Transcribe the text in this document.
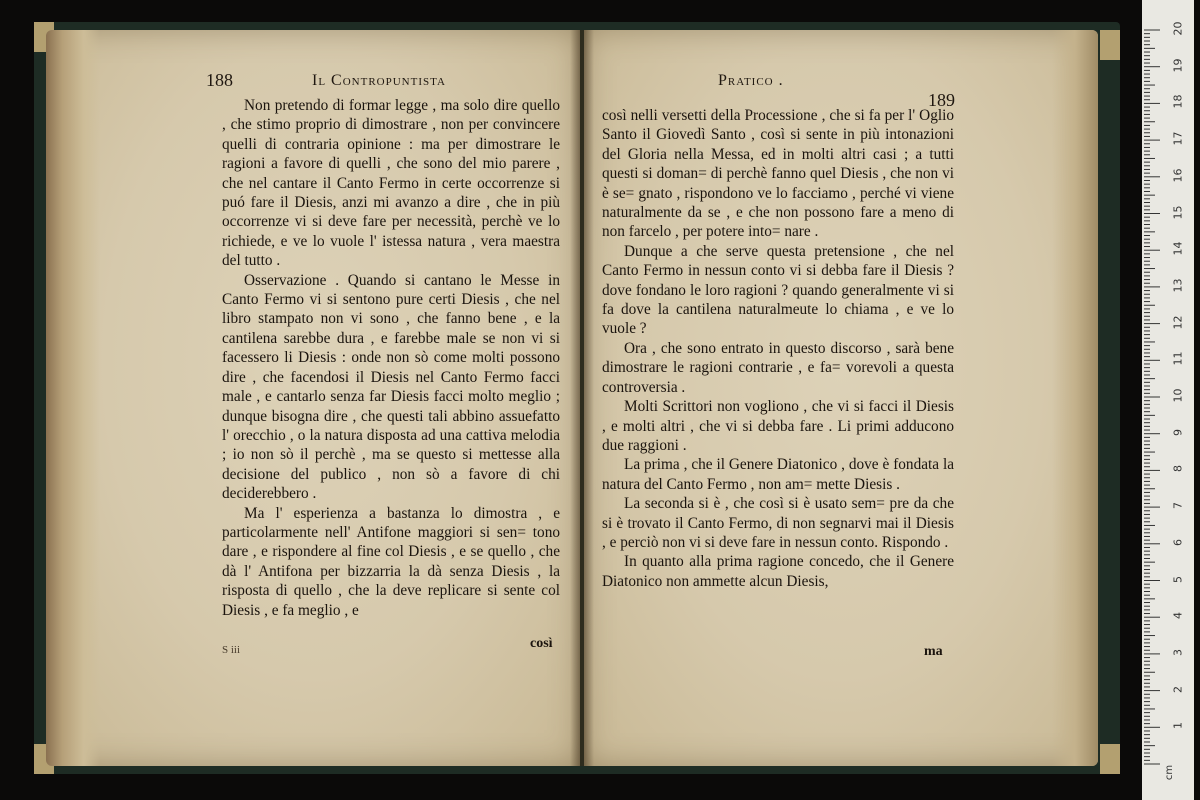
188	Il Contropuntista

Non pretendo di formar legge , ma solo dire quello , che stimo proprio di dimostrare , non per convincere quelli di contraria opinione : ma per dimostrare le ragioni a favore di quelli , che sono del mio parere , che nel cantare il Canto Fermo in certe occorrenze si puó fare il Diesis, anzi mi avanzo a dire , che in più occorrenze vi si deve fare per necessità, perchè ve lo richiede, e ve lo vuole l' istessa natura , vera maestra del tutto .

Osservazione . Quando si cantano le Messe in Canto Fermo vi si sentono pure certi Diesis , che nel libro stampato non vi sono , che fanno bene , e la cantilena sarebbe dura , e farebbe male se non vi si facessero li Diesis : onde non sò come molti possono dire , che facendosi il Diesis nel Canto Fermo facci male , e cantarlo senza far Diesis facci molto meglio ; dunque bisogna dire , che questi tali abbino assuefatto l' orecchio , o la natura disposta ad una cattiva melodia ; io non sò il perchè , ma se questo si mettesse alla decisione del publico , non sò a favore di chi deciderebbero .

Ma l' esperienza a bastanza lo dimostra , e particolarmente nell' Antifone maggiori si sen= tono dare , e rispondere al fine col Diesis , e se quello , che dà l' Antifona per bizzarria la dà senza Diesis , la risposta di quello , che la deve replicare si sente col Diesis , e fa meglio , e

così
S iii
Pratico .
189

così nelli versetti della Processione , che si fa per l' Oglio Santo il Giovedì Santo , così si sente in più intonazioni del Gloria nella Messa, ed in molti altri casi ; a tutti questi si doman= di perchè fanno quel Diesis , che non vi è se= gnato , rispondono ve lo facciamo , perché vi viene naturalmente da se , e che non possono fare a meno di non farcelo , per potere into= nare .

Dunque a che serve questa pretensione , che nel Canto Fermo in nessun conto vi si debba fare il Diesis ? dove fondano le loro ragioni ? quando generalmente vi si fa dove la cantilena naturalmeute lo chiama , e ve lo vuole ?

Ora , che sono entrato in questo discorso , sarà bene dimostrare le ragioni contrarie , e fa= vorevoli a questa controversia .

Molti Scrittori non vogliono , che vi si facci il Diesis , e molti altri , che vi si debba fare . Li primi adducono due raggioni .

La prima , che il Genere Diatonico , dove è fondata la natura del Canto Fermo , non am= mette Diesis .

La seconda si è , che così si è usato sem= pre da che si è trovato il Canto Fermo, di non segnarvi mai il Diesis , e perciò non vi si deve fare in nessun conto. Rispondo .

In quanto alla prima ragione concedo, che il Genere Diatonico non ammette alcun Diesis,

ma
1
2
3
4
5
6
7
8
9
10
11
12
13
14
15
16
17
18
19
20
cm
